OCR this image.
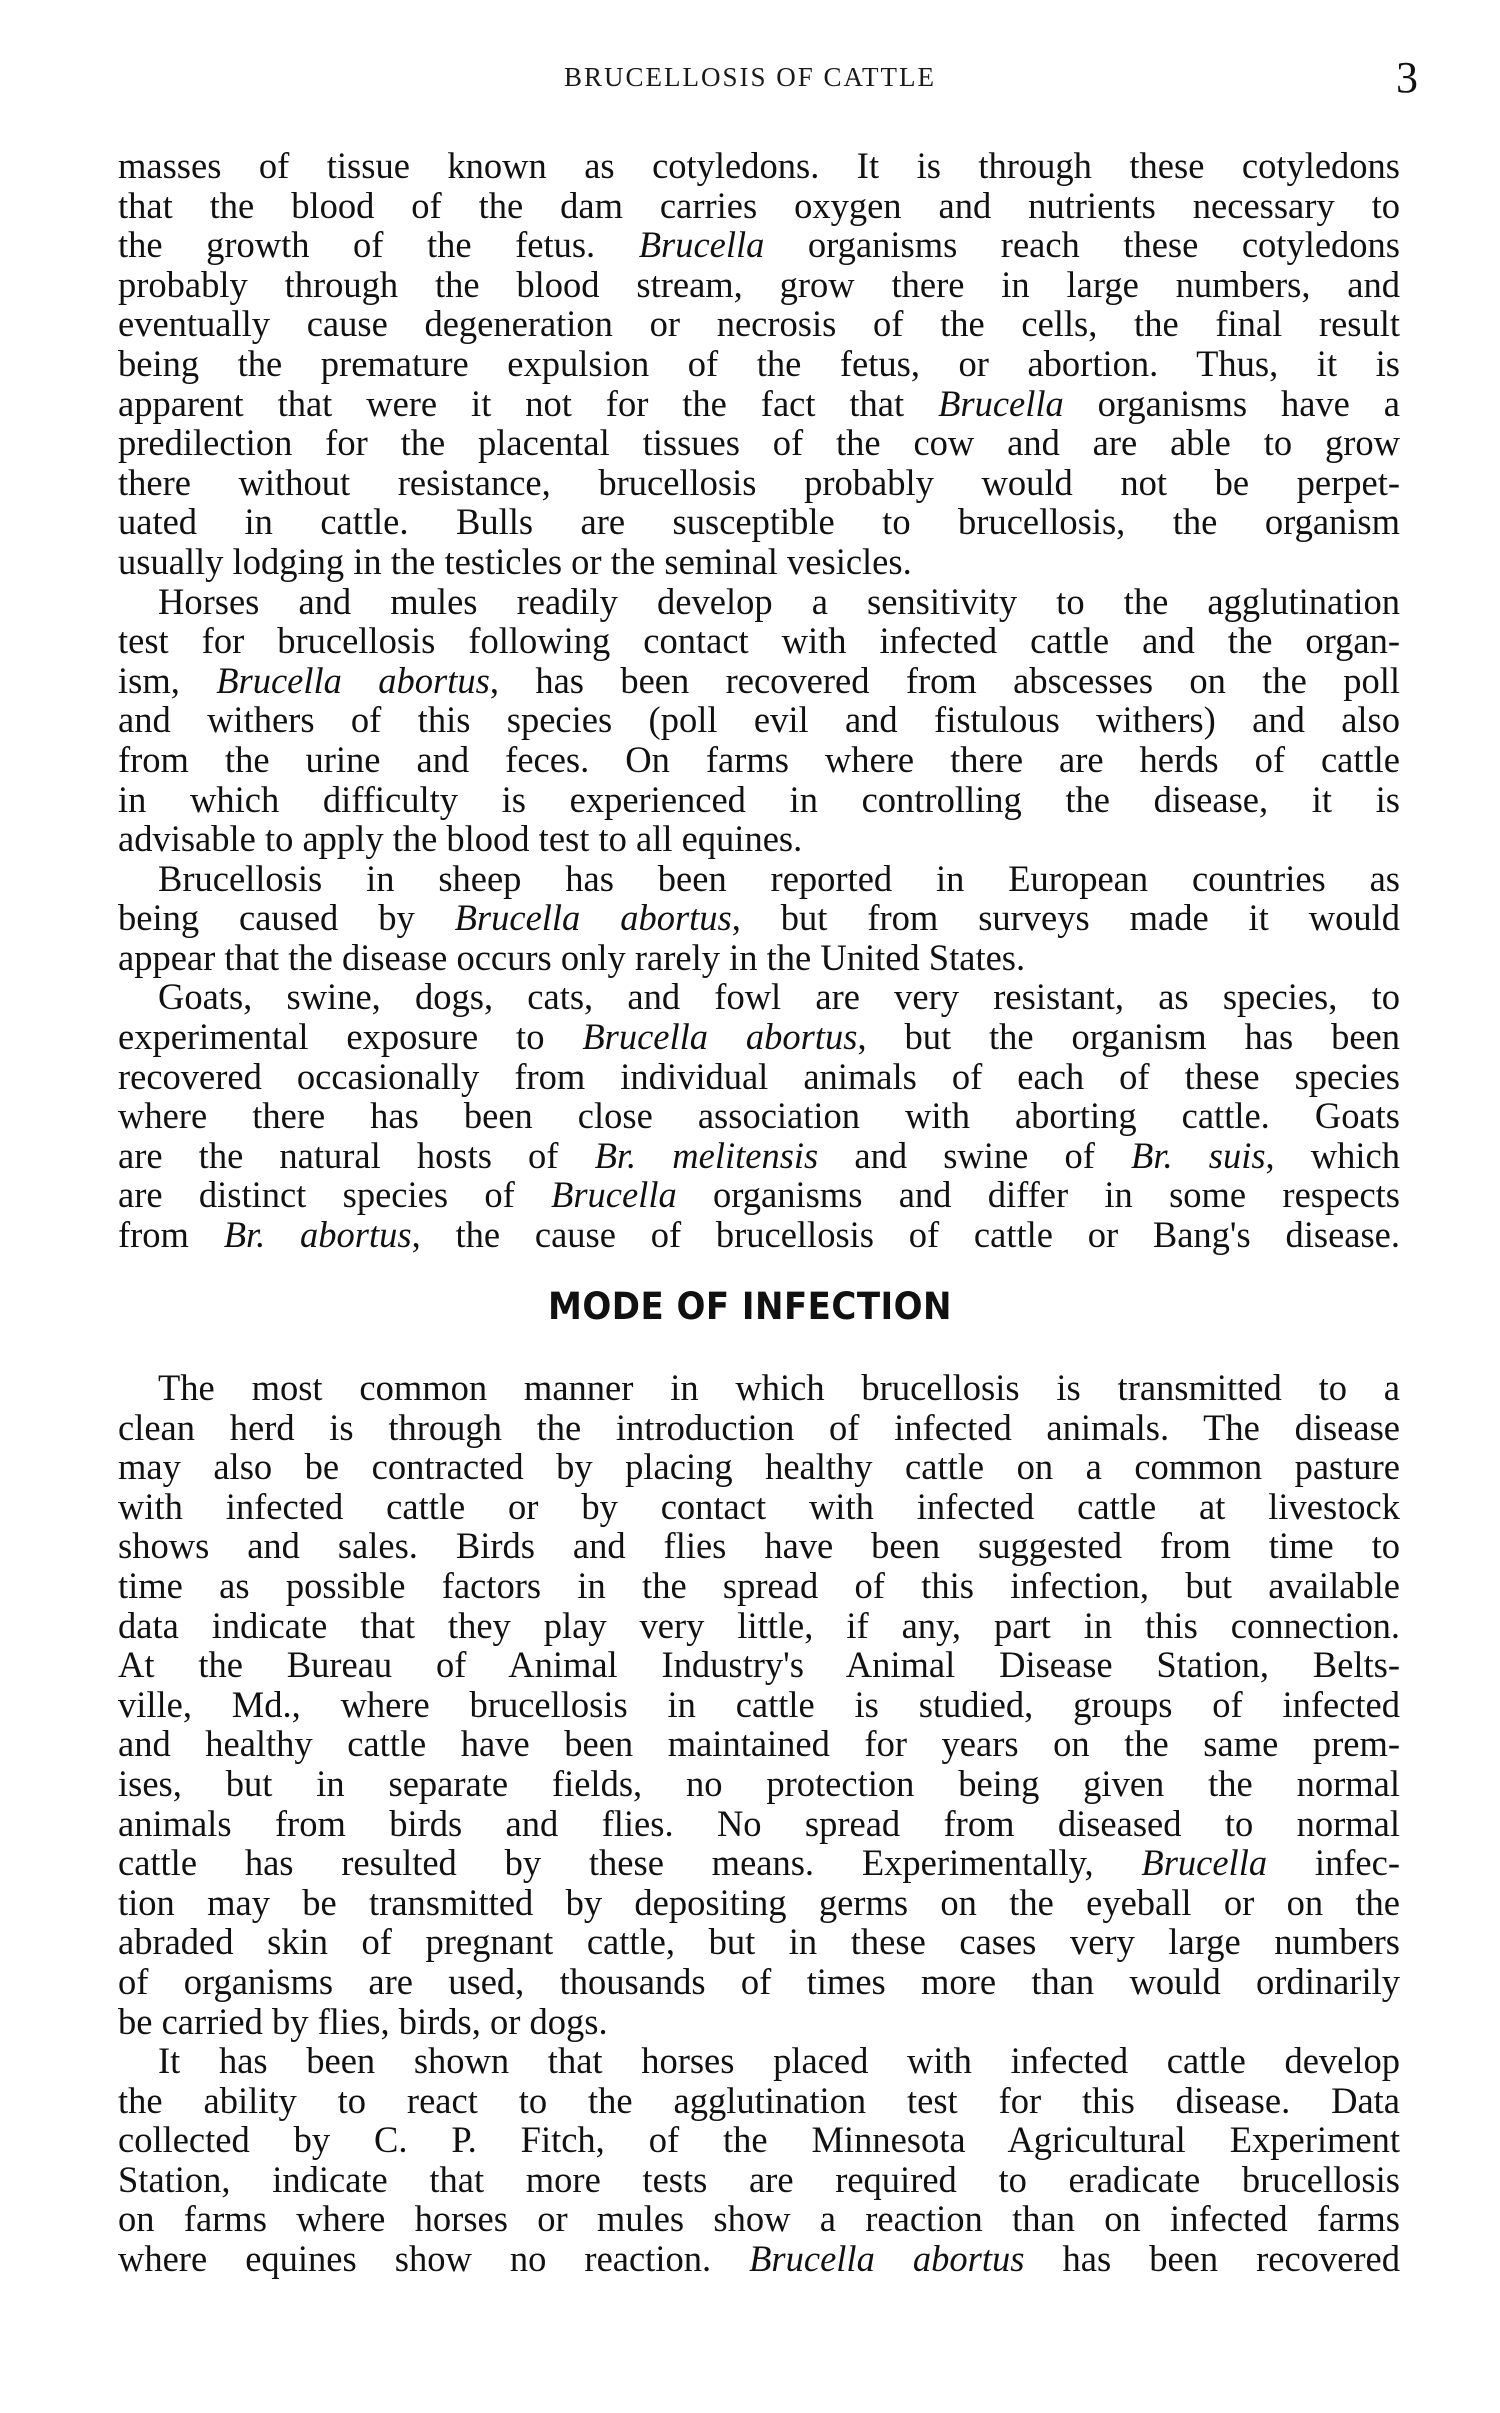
BRUCELLOSIS OF CATTLE	3
masses of tissue known as cotyledons. It is through these cotyledons
that the blood of the dam carries oxygen and nutrients necessary to
the growth of the fetus. Brucella organisms reach these cotyledons
probably through the blood stream, grow there in large numbers, and
eventually cause degeneration or necrosis of the cells, the final result
being the premature expulsion of the fetus, or abortion. Thus, it is
apparent that were it not for the fact that Brucella organisms have a
predilection for the placental tissues of the cow and are able to grow
there without resistance, brucellosis probably would not be perpet-
uated in cattle. Bulls are susceptible to brucellosis, the organism
usually lodging in the testicles or the seminal vesicles.
Horses and mules readily develop a sensitivity to the agglutination
test for brucellosis following contact with infected cattle and the organ-
ism, Brucella abortus, has been recovered from abscesses on the poll
and withers of this species (poll evil and fistulous withers) and also
from the urine and feces. On farms where there are herds of cattle
in which difficulty is experienced in controlling the disease, it is
advisable to apply the blood test to all equines.
Brucellosis in sheep has been reported in European countries as
being caused by Brucella abortus, but from surveys made it would
appear that the disease occurs only rarely in the United States.
Goats, swine, dogs, cats, and fowl are very resistant, as species, to
experimental exposure to Brucella abortus, but the organism has been
recovered occasionally from individual animals of each of these species
where there has been close association with aborting cattle. Goats
are the natural hosts of Br. melitensis and swine of Br. suis, which
are distinct species of Brucella organisms and differ in some respects
from Br. abortus, the cause of brucellosis of cattle or Bang's disease.
MODE OF INFECTION
The most common manner in which brucellosis is transmitted to a
clean herd is through the introduction of infected animals. The disease
may also be contracted by placing healthy cattle on a common pasture
with infected cattle or by contact with infected cattle at livestock
shows and sales. Birds and flies have been suggested from time to
time as possible factors in the spread of this infection, but available
data indicate that they play very little, if any, part in this connection.
At the Bureau of Animal Industry's Animal Disease Station, Belts-
ville, Md., where brucellosis in cattle is studied, groups of infected
and healthy cattle have been maintained for years on the same prem-
ises, but in separate fields, no protection being given the normal
animals from birds and flies. No spread from diseased to normal
cattle has resulted by these means. Experimentally, Brucella infec-
tion may be transmitted by depositing germs on the eyeball or on the
abraded skin of pregnant cattle, but in these cases very large numbers
of organisms are used, thousands of times more than would ordinarily
be carried by flies, birds, or dogs.
It has been shown that horses placed with infected cattle develop
the ability to react to the agglutination test for this disease. Data
collected by C. P. Fitch, of the Minnesota Agricultural Experiment
Station, indicate that more tests are required to eradicate brucellosis
on farms where horses or mules show a reaction than on infected farms
where equines show no reaction. Brucella abortus has been recovered
